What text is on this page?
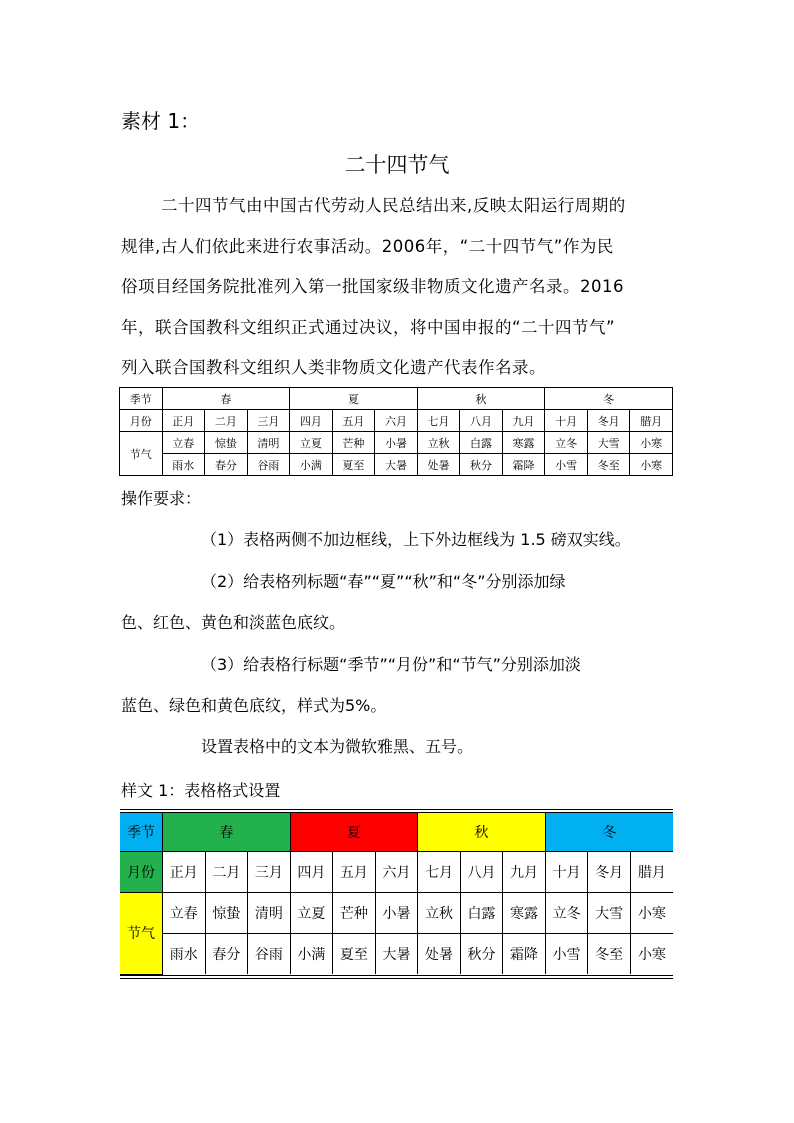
素材 1：
二十四节气
二十四节气由中国古代劳动人民总结出来,反映太阳运行周期的
规律,古人们依此来进行农事活动。2006年，“二十四节气”作为民
俗项目经国务院批准列入第一批国家级非物质文化遗产名录。2016
年，联合国教科文组织正式通过决议，将中国申报的“二十四节气”
列入联合国教科文组织人类非物质文化遗产代表作名录。
季节	春			夏			秋			冬		
月份	正月	二月	三月	四月	五月	六月	七月	八月	九月	十月	冬月	腊月
节气	立春	惊蛰	清明	立夏	芒种	小暑	立秋	白露	寒露	立冬	大雪	小寒
	雨水	春分	谷雨	小满	夏至	大暑	处暑	秋分	霜降	小雪	冬至	小寒
操作要求：
（1）表格两侧不加边框线，上下外边框线为 1.5 磅双实线。
（2）给表格列标题“春”“夏”“秋”和“冬”分别添加绿
色、红色、黄色和淡蓝色底纹。
（3）给表格行标题“季节”“月份”和“节气”分别添加淡
蓝色、绿色和黄色底纹，样式为5%。
设置表格中的文本为微软雅黑、五号。
样文 1：表格格式设置
季节	春			夏			秋			冬		
月份	正月	二月	三月	四月	五月	六月	七月	八月	九月	十月	冬月	腊月
节气	立春	惊蛰	清明	立夏	芒种	小暑	立秋	白露	寒露	立冬	大雪	小寒
	雨水	春分	谷雨	小满	夏至	大暑	处暑	秋分	霜降	小雪	冬至	小寒
